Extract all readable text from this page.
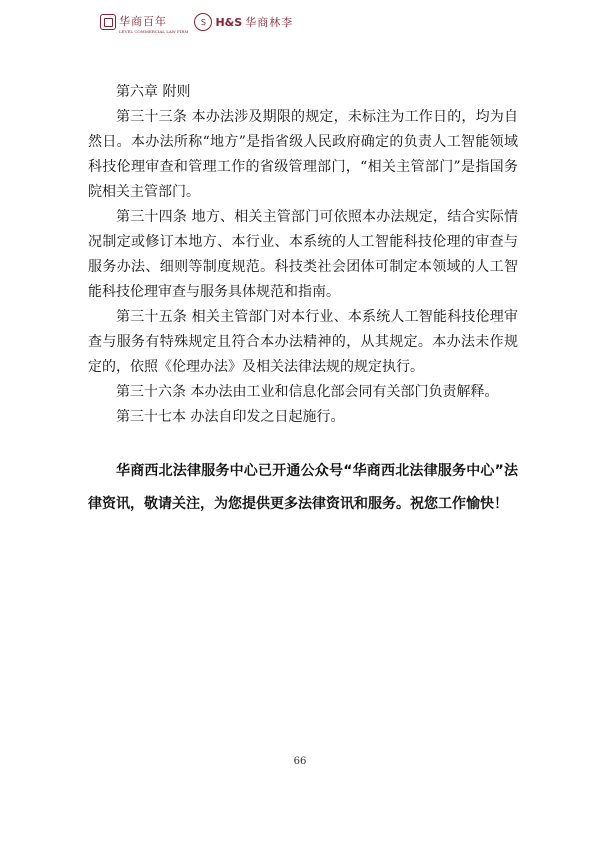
华商百年
LEVEL COMMERCIAL LAW FIRM
S H&S 华商林李

第六章 附则

第三十三条 本办法涉及期限的规定，未标注为工作日的，均为自然日。本办法所称“地方”是指省级人民政府确定的负责人工智能领域科技伦理审查和管理工作的省级管理部门，“相关主管部门”是指国务院相关主管部门。

第三十四条 地方、相关主管部门可依照本办法规定，结合实际情况制定或修订本地方、本行业、本系统的人工智能科技伦理的审查与服务办法、细则等制度规范。科技类社会团体可制定本领域的人工智能科技伦理审查与服务具体规范和指南。

第三十五条 相关主管部门对本行业、本系统人工智能科技伦理审查与服务有特殊规定且符合本办法精神的，从其规定。本办法未作规定的，依照《伦理办法》及相关法律法规的规定执行。

第三十六条 本办法由工业和信息化部会同有关部门负责解释。

第三十七本 办法自印发之日起施行。

华商西北法律服务中心已开通公众号“华商西北法律服务中心”法律资讯，敬请关注，为您提供更多法律资讯和服务。祝您工作愉快！

66
